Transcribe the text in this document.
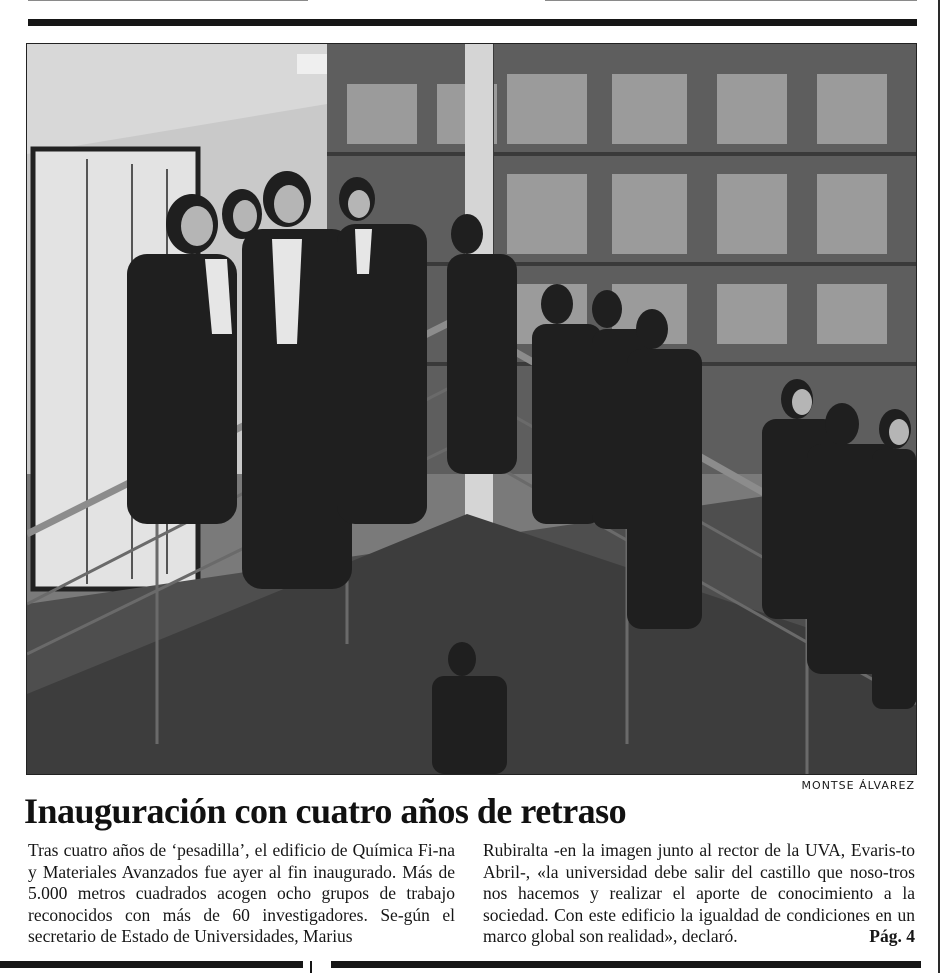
MONTSE ÁLVAREZ
Inauguración con cuatro años de retraso

Tras cuatro años de ‘pesadilla’, el edificio de Química Fi-na y Materiales Avanzados fue ayer al fin inaugurado. Más de 5.000 metros cuadrados acogen ocho grupos de trabajo reconocidos con más de 60 investigadores. Se-gún el secretario de Estado de Universidades, Marius

Rubiralta -en la imagen junto al rector de la UVA, Evaris-to Abril-, «la universidad debe salir del castillo que noso-tros nos hacemos y realizar el aporte de conocimiento a la sociedad. Con este edificio la igualdad de condiciones en un marco global son realidad», declaró.	Pág. 4
